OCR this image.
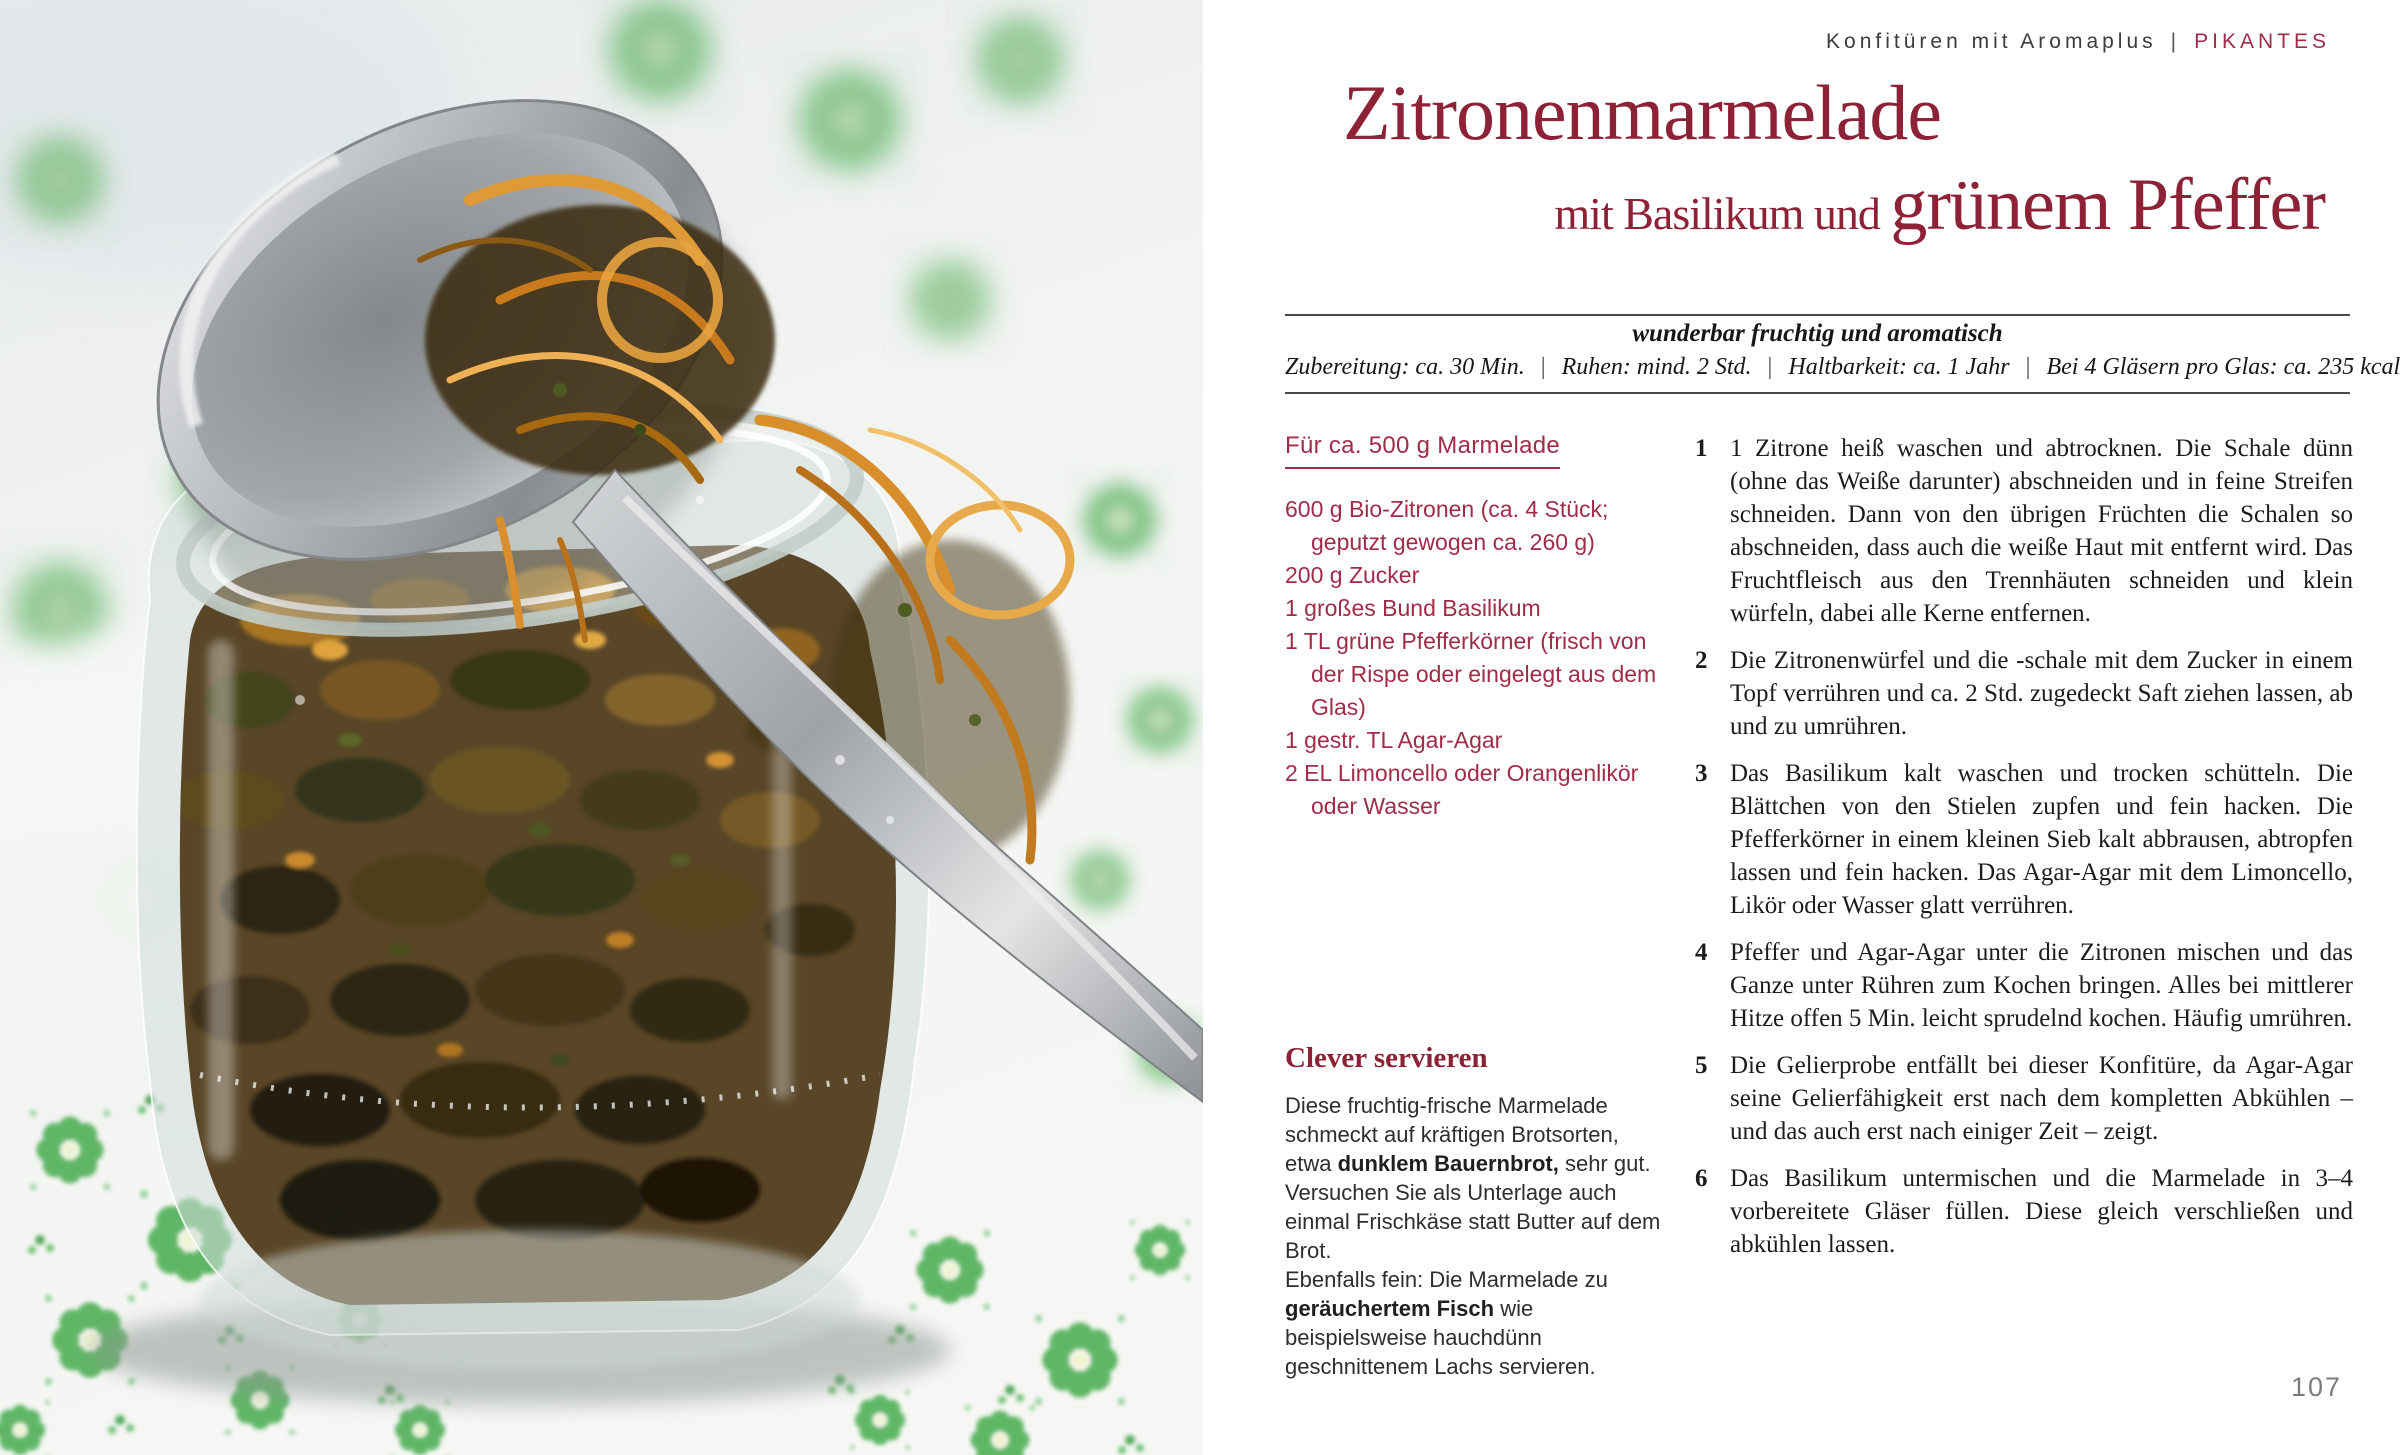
Konfitüren mit Aromaplus | PIKANTES
Zitronenmarmelade
mit Basilikum und grünem Pfeffer
wunderbar fruchtig und aromatisch
Zubereitung: ca. 30 Min. | Ruhen: mind. 2 Std. | Haltbarkeit: ca. 1 Jahr | Bei 4 Gläsern pro Glas: ca. 235 kcal
Für ca. 500 g Marmelade
600 g Bio-Zitronen (ca. 4 Stück; geputzt gewogen ca. 260 g)
200 g Zucker
1 großes Bund Basilikum
1 TL grüne Pfefferkörner (frisch von der Rispe oder eingelegt aus dem Glas)
1 gestr. TL Agar-Agar
2 EL Limoncello oder Orangenlikör oder Wasser
1 1 Zitrone heiß waschen und abtrocknen. Die Schale dünn (ohne das Weiße darunter) abschneiden und in feine Streifen schneiden. Dann von den übrigen Früchten die Schalen so abschneiden, dass auch die weiße Haut mit entfernt wird. Das Fruchtfleisch aus den Trennhäuten schneiden und klein würfeln, dabei alle Kerne entfernen.
2 Die Zitronenwürfel und die -schale mit dem Zucker in einem Topf verrühren und ca. 2 Std. zugedeckt Saft ziehen lassen, ab und zu umrühren.
3 Das Basilikum kalt waschen und trocken schütteln. Die Blättchen von den Stielen zupfen und fein hacken. Die Pfefferkörner in einem kleinen Sieb kalt abbrausen, abtropfen lassen und fein hacken. Das Agar-Agar mit dem Limoncello, Likör oder Wasser glatt verrühren.
4 Pfeffer und Agar-Agar unter die Zitronen mischen und das Ganze unter Rühren zum Kochen bringen. Alles bei mittlerer Hitze offen 5 Min. leicht sprudelnd kochen. Häufig umrühren.
5 Die Gelierprobe entfällt bei dieser Konfitüre, da Agar-Agar seine Gelierfähigkeit erst nach dem kompletten Abkühlen – und das auch erst nach einiger Zeit – zeigt.
6 Das Basilikum untermischen und die Marmelade in 3–4 vorbereitete Gläser füllen. Diese gleich verschließen und abkühlen lassen.
Clever servieren

Diese fruchtig-frische Marmelade schmeckt auf kräftigen Brotsorten, etwa dunklem Bauernbrot, sehr gut. Versuchen Sie als Unterlage auch einmal Frischkäse statt Butter auf dem Brot.

Ebenfalls fein: Die Marmelade zu geräuchertem Fisch wie beispielsweise hauchdünn geschnittenem Lachs servieren.

107
